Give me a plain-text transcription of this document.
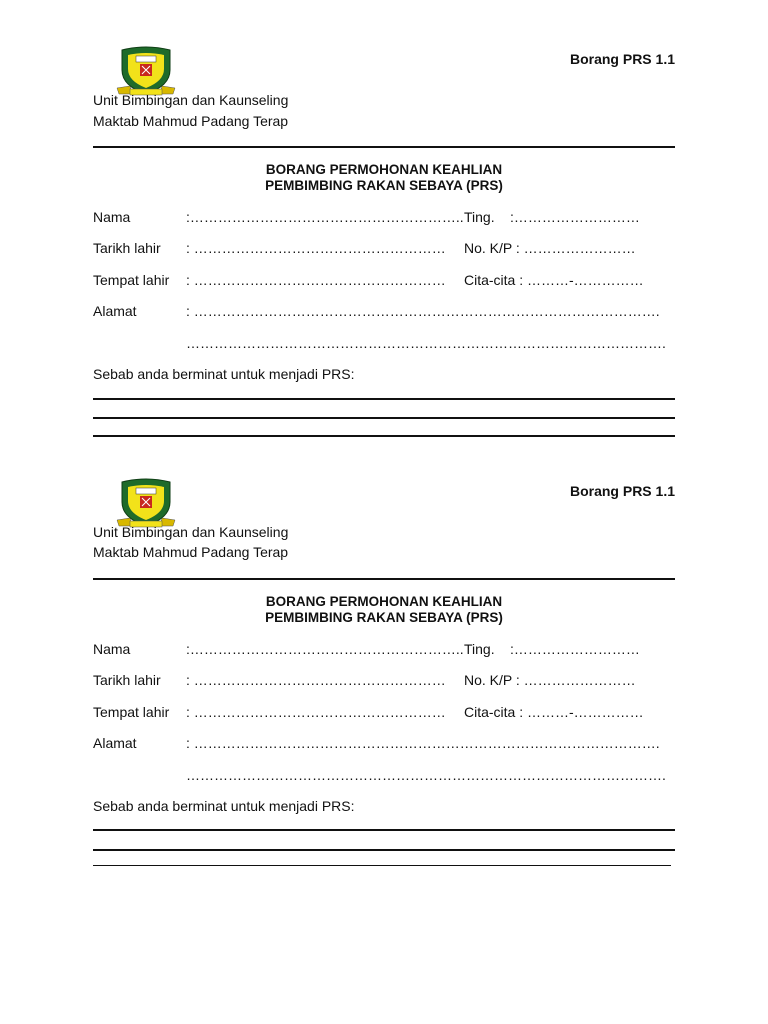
Borang PRS 1.1
Unit Bimbingan dan Kaunseling
Maktab Mahmud Padang Terap
BORANG PERMOHONAN KEAHLIAN
PEMBIMBING RAKAN SEBAYA (PRS)
Nama	:………………………………………………….. Ting. :………………………
Tarikh lahir : ……………………………………………… No. K/P : ……………………
Tempat lahir : ……………………………………………… Cita-cita : ………-……………
Alamat	: ……………………………………………………………………………………….
………………………………………………………………………………………….
Sebab anda berminat untuk menjadi PRS:
Borang PRS 1.1
Unit Bimbingan dan Kaunseling
Maktab Mahmud Padang Terap
BORANG PERMOHONAN KEAHLIAN
PEMBIMBING RAKAN SEBAYA (PRS)
Nama	:………………………………………………….. Ting. :………………………
Tarikh lahir : ……………………………………………… No. K/P : ……………………
Tempat lahir : ……………………………………………… Cita-cita : ………-……………
Alamat	: ……………………………………………………………………………………….
………………………………………………………………………………………….
Sebab anda berminat untuk menjadi PRS:
